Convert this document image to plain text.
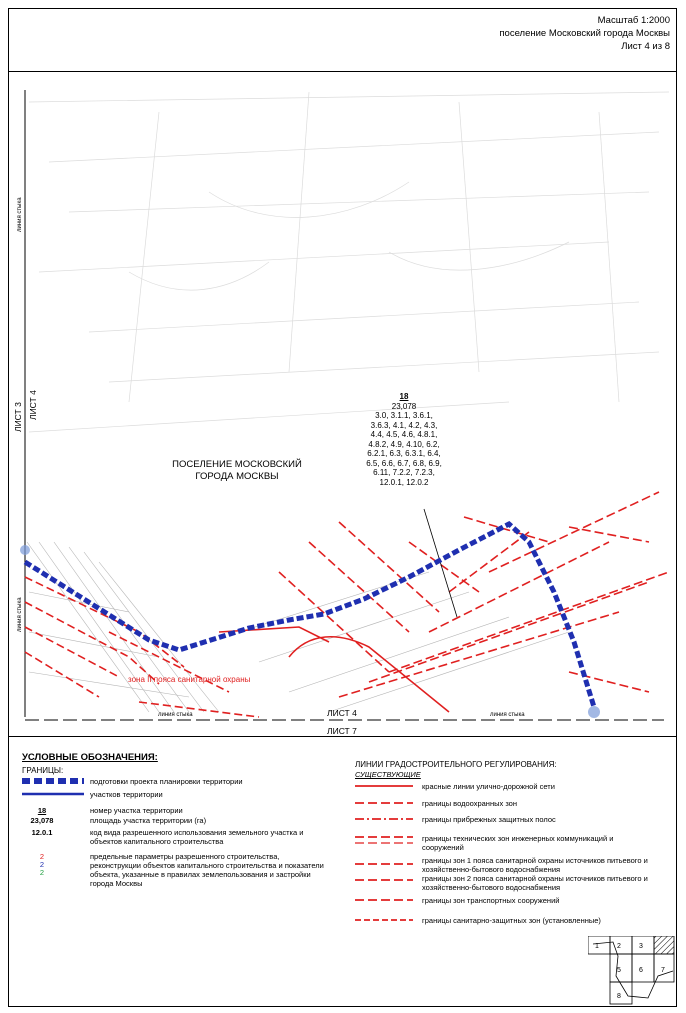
Масштаб 1:2000
поселение Московский города Москвы
Лист 4 из 8
линия стыка
линия стыка
ЛИСТ 3 ЛИСТ 4
линия стыка	линия стыка
ЛИСТ 4
ЛИСТ 7
ПОСЕЛЕНИЕ МОСКОВСКИЙ
ГОРОДА МОСКВЫ
зона II пояса санитарной охраны
18
23,078
3.0, 3.1.1, 3.6.1,
3.6.3, 4.1, 4.2, 4.3,
4.4, 4.5, 4.6, 4.8.1,
4.8.2, 4.9, 4.10, 6.2,
6.2.1, 6.3, 6.3.1, 6.4,
6.5, 6.6, 6.7, 6.8, 6.9,
6.11, 7.2.2, 7.2.3,
12.0.1, 12.0.2
УСЛОВНЫЕ ОБОЗНАЧЕНИЯ:
ГРАНИЦЫ:
подготовки проекта планировки территории
участков территории
18	номер участка территории
23,078	площадь участка территории (га)
12.0.1	код вида разрешенного использования земельного участка и объектов капитального строительства
2
2
2
предельные параметры разрешенного строительства, реконструкции объектов капитального строительства и показатели объекта, указанные в правилах землепользования и застройки города Москвы
ЛИНИИ ГРАДОСТРОИТЕЛЬНОГО РЕГУЛИРОВАНИЯ:
СУЩЕСТВУЮЩИЕ
красные линии улично-дорожной сети
границы водоохранных зон
границы прибрежных защитных полос
границы технических зон инженерных коммуникаций и сооружений
границы зон 1 пояса санитарной охраны источников питьевого и хозяйственно-бытового водоснабжения
границы зон 2 пояса санитарной охраны источников питьевого и хозяйственно-бытового водоснабжения
границы зон транспортных сооружений
границы санитарно-защитных зон (установленные)
1	2	3
5	6	7
8
